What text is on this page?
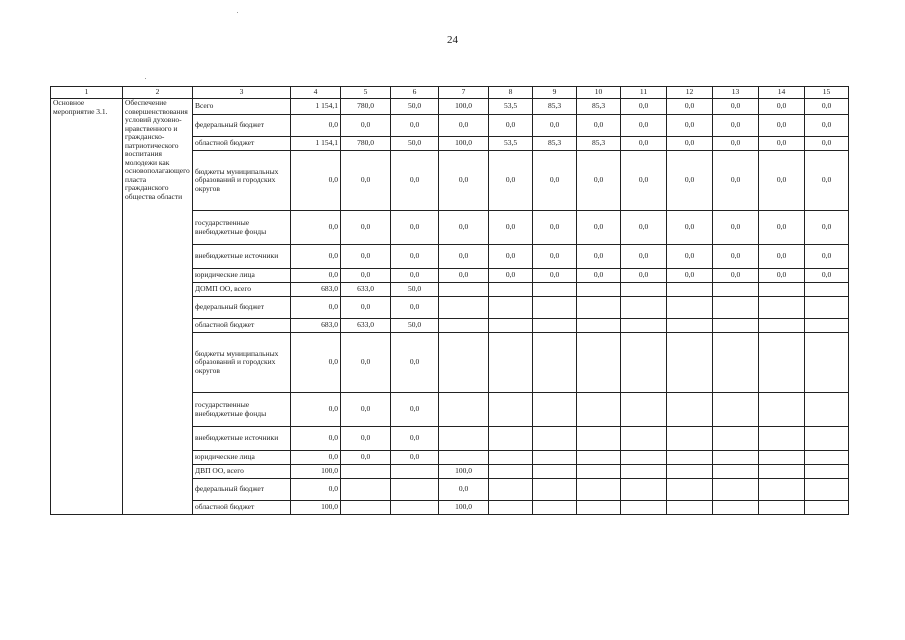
24
1	2	3	4	5	6	7	8	9	10	11	12	13	14	15
Основное мероприятие 3.1.	Обеспечение совершенствования условий духовно-нравственного и гражданско-патриотического воспитания молодежи как основополагающего пласта гражданского общества области	Всего	1 154,1	780,0	50,0	100,0	53,5	85,3	85,3	0,0	0,0	0,0	0,0	0,0
		федеральный бюджет	0,0	0,0	0,0	0,0	0,0	0,0	0,0	0,0	0,0	0,0	0,0	0,0
		областной бюджет	1 154,1	780,0	50,0	100,0	53,5	85,3	85,3	0,0	0,0	0,0	0,0	0,0
		бюджеты муниципальных образований и городских округов	0,0	0,0	0,0	0,0	0,0	0,0	0,0	0,0	0,0	0,0	0,0	0,0
		государственные внебюджетные фонды	0,0	0,0	0,0	0,0	0,0	0,0	0,0	0,0	0,0	0,0	0,0	0,0
		внебюджетные источники	0,0	0,0	0,0	0,0	0,0	0,0	0,0	0,0	0,0	0,0	0,0	0,0
		юридические лица	0,0	0,0	0,0	0,0	0,0	0,0	0,0	0,0	0,0	0,0	0,0	0,0
		ДОМП ОО, всего	683,0	633,0	50,0									
		федеральный бюджет	0,0	0,0	0,0									
		областной бюджет	683,0	633,0	50,0									
		бюджеты муниципальных образований и городских округов	0,0	0,0	0,0									
		государственные внебюджетные фонды	0,0	0,0	0,0									
		внебюджетные источники	0,0	0,0	0,0									
		юридические лица	0,0	0,0	0,0									
		ДВП ОО, всего	100,0			100,0								
		федеральный бюджет	0,0			0,0								
		областной бюджет	100,0			100,0								
